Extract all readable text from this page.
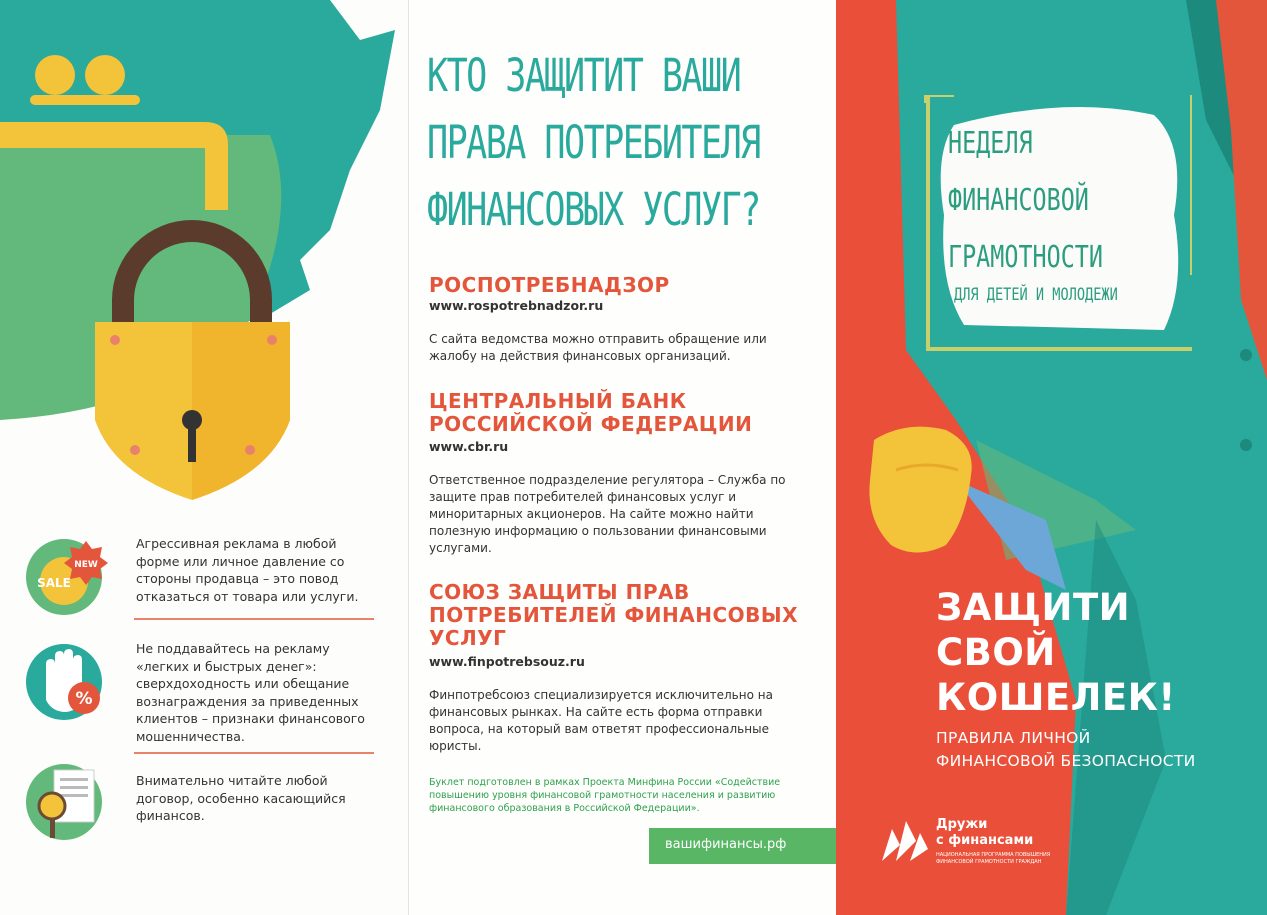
NEW
SALE
Агрессивная реклама в любой форме или личное давление со стороны продавца – это повод отказаться от товара или услуги.
%
Не поддавайтесь на рекламу «легких и быстрых денег»: сверхдоходность или обещание вознаграждения за приведенных клиентов – признаки финансового мошенничества.
Внимательно читайте любой договор, особенно касающийся финансов.
КТО ЗАЩИТИТ ВАШИ
ПРАВА ПОТРЕБИТЕЛЯ
ФИНАНСОВЫХ УСЛУГ?
РОСПОТРЕБНАДЗОР
www.rospotrebnadzor.ru
С сайта ведомства можно отправить обращение или жалобу на действия финансовых организаций.
ЦЕНТРАЛЬНЫЙ БАНК РОССИЙСКОЙ ФЕДЕРАЦИИ
www.cbr.ru
Ответственное подразделение регулятора – Служба по защите прав потребителей финансовых услуг и миноритарных акционеров. На сайте можно найти полезную информацию о пользовании финансовыми услугами.
СОЮЗ ЗАЩИТЫ ПРАВ ПОТРЕБИТЕЛЕЙ ФИНАНСОВЫХ УСЛУГ
www.finpotrebsouz.ru
Финпотребсоюз специализируется исключительно на финансовых рынках. На сайте есть форма отправки вопроса, на который вам ответят профессиональные юристы.
Буклет подготовлен в рамках Проекта Минфина России «Содействие повышению уровня финансовой грамотности населения и развитию финансового образования в Российской Федерации».
вашифинансы.рф
НЕДЕЛЯ
ФИНАНСОВОЙ
ГРАМОТНОСТИ
ДЛЯ ДЕТЕЙ И МОЛОДЕЖИ
ЗАЩИТИ
СВОЙ
КОШЕЛЕК!
ПРАВИЛА ЛИЧНОЙ
ФИНАНСОВОЙ БЕЗОПАСНОСТИ
Дружи
с финансами
НАЦИОНАЛЬНАЯ ПРОГРАММА ПОВЫШЕНИЯ ФИНАНСОВОЙ ГРАМОТНОСТИ ГРАЖДАН
